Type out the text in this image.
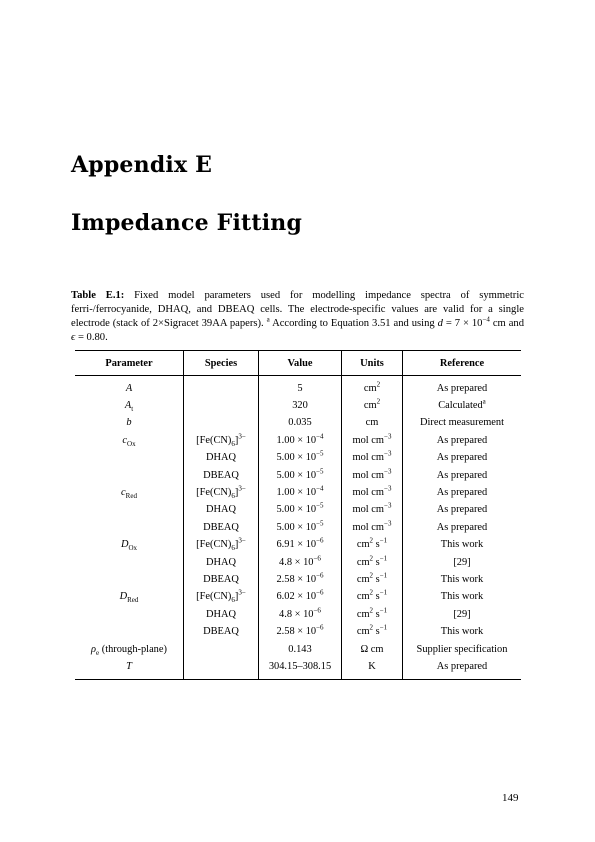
Appendix E
Impedance Fitting

Table E.1: Fixed model parameters used for modelling impedance spectra of symmetric ferri-/ferrocyanide, DHAQ, and DBEAQ cells. The electrode-specific values are valid for a single electrode (stack of 2×Sigracet 39AA papers). $^a$ According to Equation 3.51 and using $d = 7 \times 10^{-4}$ cm and ϵ = 0.80.

Parameter	Species	Value	Units	Reference
A		5	$cm^2$	As prepared
$A_t$		320	$cm^2$	Calculated$^a$
b		0.035	cm	Direct measurement
$c_{Ox}$	$[Fe(CN)_6]^{3-}$	$1.00 \times 10^{-4}$	mol $cm^{-3}$	As prepared
	DHAQ	$5.00 \times 10^{-5}$	mol $cm^{-3}$	As prepared
	DBEAQ	$5.00 \times 10^{-5}$	mol $cm^{-3}$	As prepared
$c_{Red}$	$[Fe(CN)_6]^{3-}$	$1.00 \times 10^{-4}$	mol $cm^{-3}$	As prepared
	DHAQ	$5.00 \times 10^{-5}$	mol $cm^{-3}$	As prepared
	DBEAQ	$5.00 \times 10^{-5}$	mol $cm^{-3}$	As prepared
$D_{Ox}$	$[Fe(CN)_6]^{3-}$	$6.91 \times 10^{-6}$	$cm^2$ $s^{-1}$	This work
	DHAQ	$4.8 \times 10^{-6}$	$cm^2$ $s^{-1}$	[29]
	DBEAQ	$2.58 \times 10^{-6}$	$cm^2$ $s^{-1}$	This work
$D_{Red}$	$[Fe(CN)_6]^{3-}$	$6.02 \times 10^{-6}$	$cm^2$ $s^{-1}$	This work
	DHAQ	$4.8 \times 10^{-6}$	$cm^2$ $s^{-1}$	[29]
	DBEAQ	$2.58 \times 10^{-6}$	$cm^2$ $s^{-1}$	This work
$\rho_e$ (through-plane)		0.143	Ω cm	Supplier specification
T		304.15–308.15	K	As prepared
149
